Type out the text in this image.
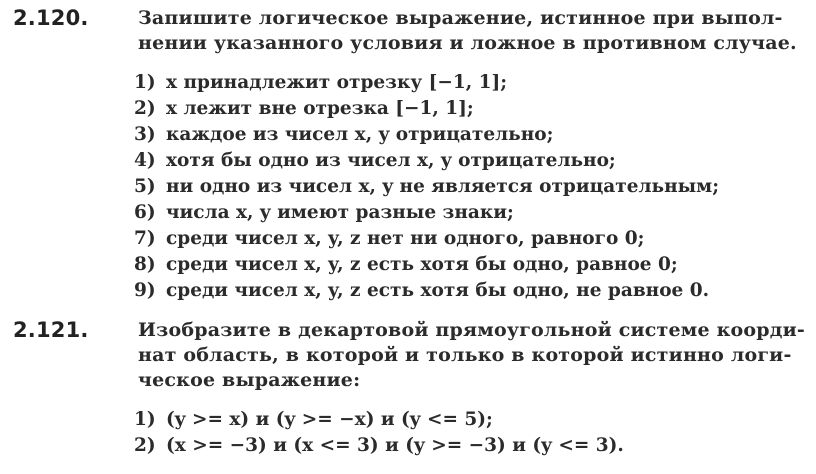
2.120.	Запишите логическое выражение, истинное при выпол-
нении указанного условия и ложное в противном случае.
1) x принадлежит отрезку [−1, 1];
2) x лежит вне отрезка [−1, 1];
3) каждое из чисел x, y отрицательно;
4) хотя бы одно из чисел x, y отрицательно;
5) ни одно из чисел x, y не является отрицательным;
6) числа x, y имеют разные знаки;
7) среди чисел x, y, z нет ни одного, равного 0;
8) среди чисел x, y, z есть хотя бы одно, равное 0;
9) среди чисел x, y, z есть хотя бы одно, не равное 0.
2.121.	Изобразите в декартовой прямоугольной системе коорди-
нат область, в которой и только в которой истинно логи-
ческое выражение:
1) (y >= x) и (y >= −x) и (y <= 5);
2) (x >= −3) и (x <= 3) и (y >= −3) и (y <= 3).
